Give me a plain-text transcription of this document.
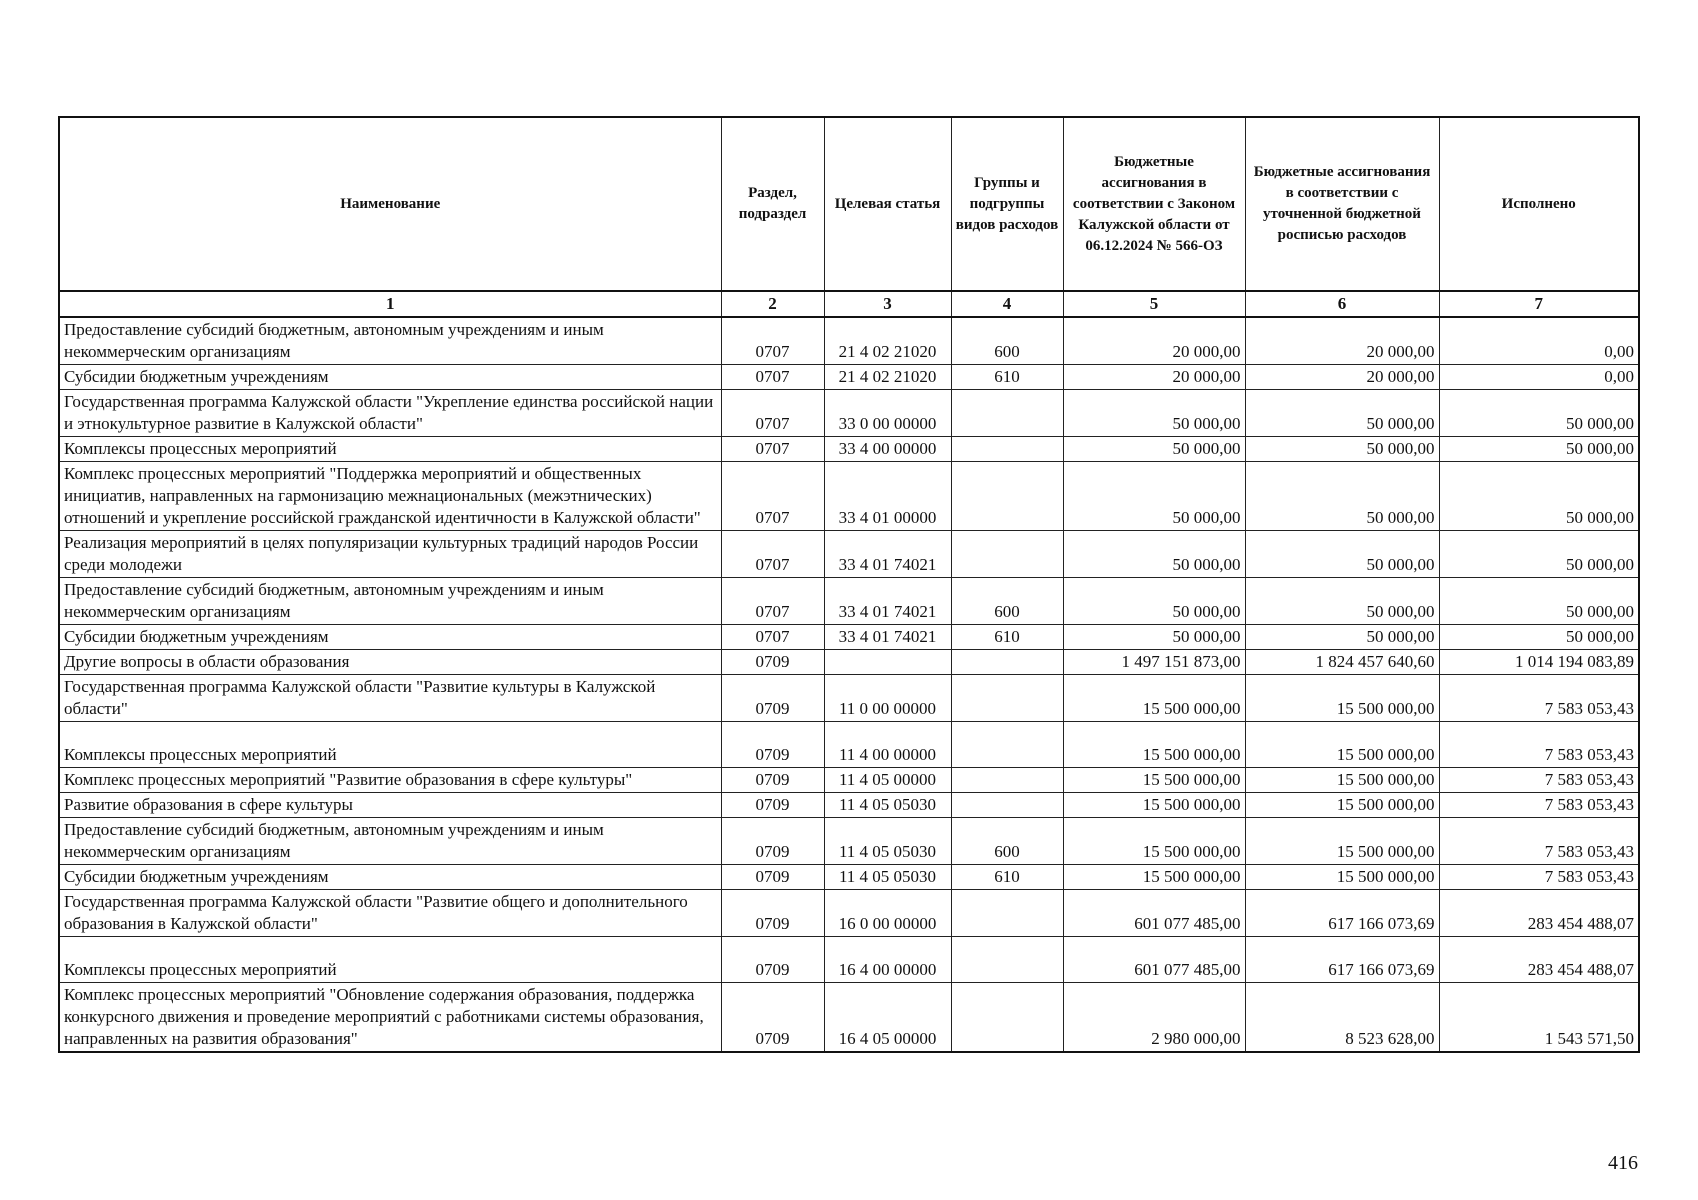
Наименование	Раздел, подраздел	Целевая статья	Группы и подгруппы видов расходов	Бюджетные ассигнования в соответствии с Законом Калужской области от 06.12.2024 № 566-ОЗ	Бюджетные ассигнования в соответствии с уточненной бюджетной росписью расходов	Исполнено
1	2	3	4	5	6	7
Предоставление субсидий бюджетным, автономным учреждениям и иным некоммерческим организациям	0707	21 4 02 21020	600	20 000,00	20 000,00	0,00
Субсидии бюджетным учреждениям	0707	21 4 02 21020	610	20 000,00	20 000,00	0,00
Государственная программа Калужской области "Укрепление единства российской нации и этнокультурное развитие в Калужской области"	0707	33 0 00 00000		50 000,00	50 000,00	50 000,00
Комплексы процессных мероприятий	0707	33 4 00 00000		50 000,00	50 000,00	50 000,00
Комплекс процессных мероприятий "Поддержка мероприятий и общественных инициатив, направленных на гармонизацию межнациональных (межэтнических) отношений и укрепление российской гражданской идентичности в Калужской области"	0707	33 4 01 00000		50 000,00	50 000,00	50 000,00
Реализация мероприятий в целях популяризации культурных традиций народов России среди молодежи	0707	33 4 01 74021		50 000,00	50 000,00	50 000,00
Предоставление субсидий бюджетным, автономным учреждениям и иным некоммерческим организациям	0707	33 4 01 74021	600	50 000,00	50 000,00	50 000,00
Субсидии бюджетным учреждениям	0707	33 4 01 74021	610	50 000,00	50 000,00	50 000,00
Другие вопросы в области образования	0709			1 497 151 873,00	1 824 457 640,60	1 014 194 083,89
Государственная программа Калужской области "Развитие культуры в Калужской области"	0709	11 0 00 00000		15 500 000,00	15 500 000,00	7 583 053,43
Комплексы процессных мероприятий	0709	11 4 00 00000		15 500 000,00	15 500 000,00	7 583 053,43
Комплекс процессных мероприятий "Развитие образования в сфере культуры"	0709	11 4 05 00000		15 500 000,00	15 500 000,00	7 583 053,43
Развитие образования в сфере культуры	0709	11 4 05 05030		15 500 000,00	15 500 000,00	7 583 053,43
Предоставление субсидий бюджетным, автономным учреждениям и иным некоммерческим организациям	0709	11 4 05 05030	600	15 500 000,00	15 500 000,00	7 583 053,43
Субсидии бюджетным учреждениям	0709	11 4 05 05030	610	15 500 000,00	15 500 000,00	7 583 053,43
Государственная программа Калужской области "Развитие общего и дополнительного образования в Калужской области"	0709	16 0 00 00000		601 077 485,00	617 166 073,69	283 454 488,07
Комплексы процессных мероприятий	0709	16 4 00 00000		601 077 485,00	617 166 073,69	283 454 488,07
Комплекс процессных мероприятий "Обновление содержания образования, поддержка конкурсного движения и проведение мероприятий с работниками системы образования, направленных на развития образования"	0709	16 4 05 00000		2 980 000,00	8 523 628,00	1 543 571,50
416
